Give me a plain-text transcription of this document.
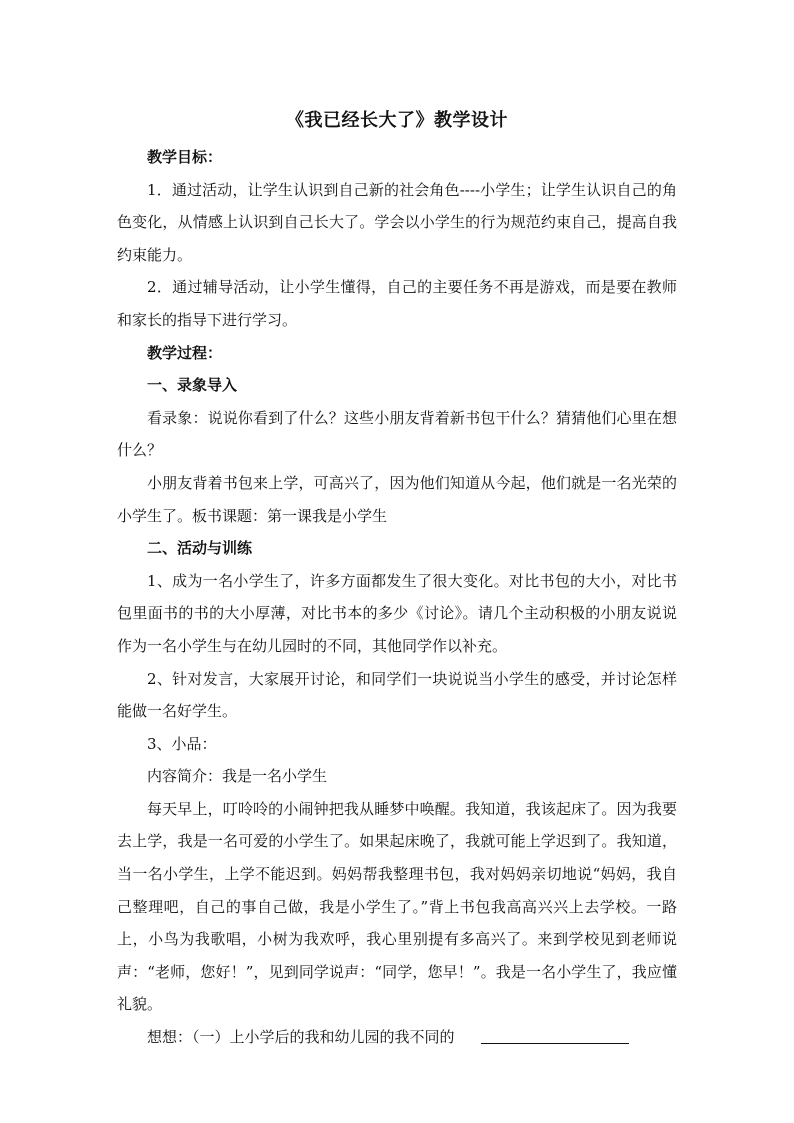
《我已经长大了》教学设计

教学目标：

1．通过活动，让学生认识到自己新的社会角色----小学生；让学生认识自己的角色变化，从情感上认识到自己长大了。学会以小学生的行为规范约束自己，提高自我约束能力。

2．通过辅导活动，让小学生懂得，自己的主要任务不再是游戏，而是要在教师和家长的指导下进行学习。

教学过程：

一、录象导入

看录象：说说你看到了什么？这些小朋友背着新书包干什么？猜猜他们心里在想什么？

小朋友背着书包来上学，可高兴了，因为他们知道从今起，他们就是一名光荣的小学生了。板书课题：第一课我是小学生

二、活动与训练

1、成为一名小学生了，许多方面都发生了很大变化。对比书包的大小，对比书包里面书的书的大小厚薄，对比书本的多少《讨论》。请几个主动积极的小朋友说说作为一名小学生与在幼儿园时的不同，其他同学作以补充。

2、针对发言，大家展开讨论，和同学们一块说说当小学生的感受，并讨论怎样能做一名好学生。

3、小品：

内容简介：我是一名小学生

每天早上，叮呤呤的小闹钟把我从睡梦中唤醒。我知道，我该起床了。因为我要去上学，我是一名可爱的小学生了。如果起床晚了，我就可能上学迟到了。我知道，当一名小学生，上学不能迟到。妈妈帮我整理书包，我对妈妈亲切地说“妈妈，我自己整理吧，自己的事自己做，我是小学生了。”背上书包我高高兴兴上去学校。一路上，小鸟为我歌唱，小树为我欢呼，我心里别提有多高兴了。来到学校见到老师说声：“老师，您好！”，见到同学说声：“同学，您早！”。我是一名小学生了，我应懂礼貌。

想想：（一）上小学后的我和幼儿园的我不同的
